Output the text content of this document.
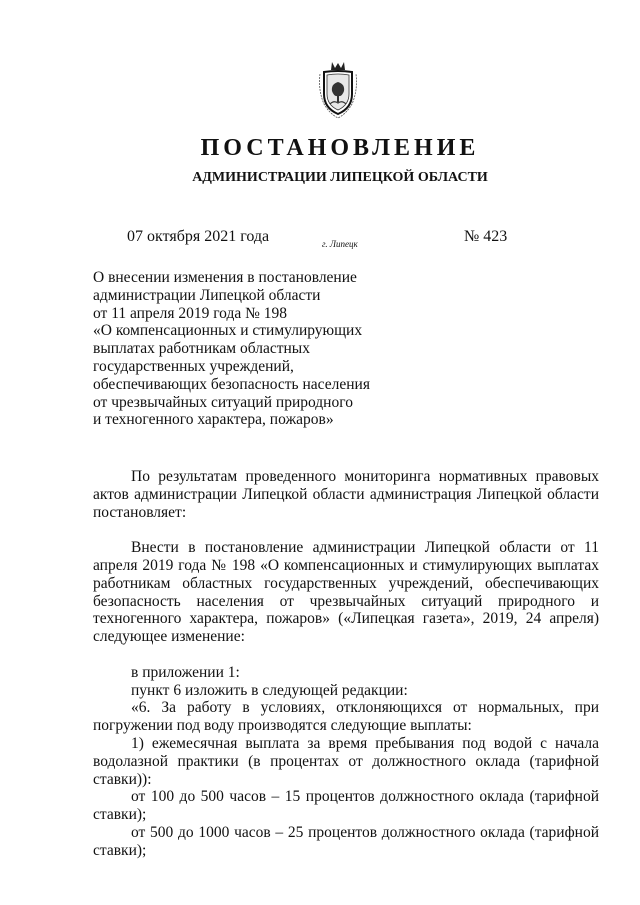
ПОСТАНОВЛЕНИЕ
АДМИНИСТРАЦИИ ЛИПЕЦКОЙ ОБЛАСТИ
07 октября 2021 года	г. Липецк	№ 423
О внесении изменения в постановление
администрации Липецкой области
от 11 апреля 2019 года № 198
«О компенсационных и стимулирующих
выплатах работникам областных
государственных учреждений,
обеспечивающих безопасность населения
от чрезвычайных ситуаций природного
и техногенного характера, пожаров»

По результатам проведенного мониторинга нормативных правовых актов администрации Липецкой области администрация Липецкой области постановляет:

Внести в постановление администрации Липецкой области от 11 апреля 2019 года № 198 «О компенсационных и стимулирующих выплатах работникам областных государственных учреждений, обеспечивающих безопасность населения от чрезвычайных ситуаций природного и техногенного характера, пожаров» («Липецкая газета», 2019, 24 апреля) следующее изменение:

в приложении 1:

пункт 6 изложить в следующей редакции:

«6. За работу в условиях, отклоняющихся от нормальных, при погружении под воду производятся следующие выплаты:

1) ежемесячная выплата за время пребывания под водой с начала водолазной практики (в процентах от должностного оклада (тарифной ставки)):

от 100 до 500 часов – 15 процентов должностного оклада (тарифной ставки);

от 500 до 1000 часов – 25 процентов должностного оклада (тарифной ставки);
